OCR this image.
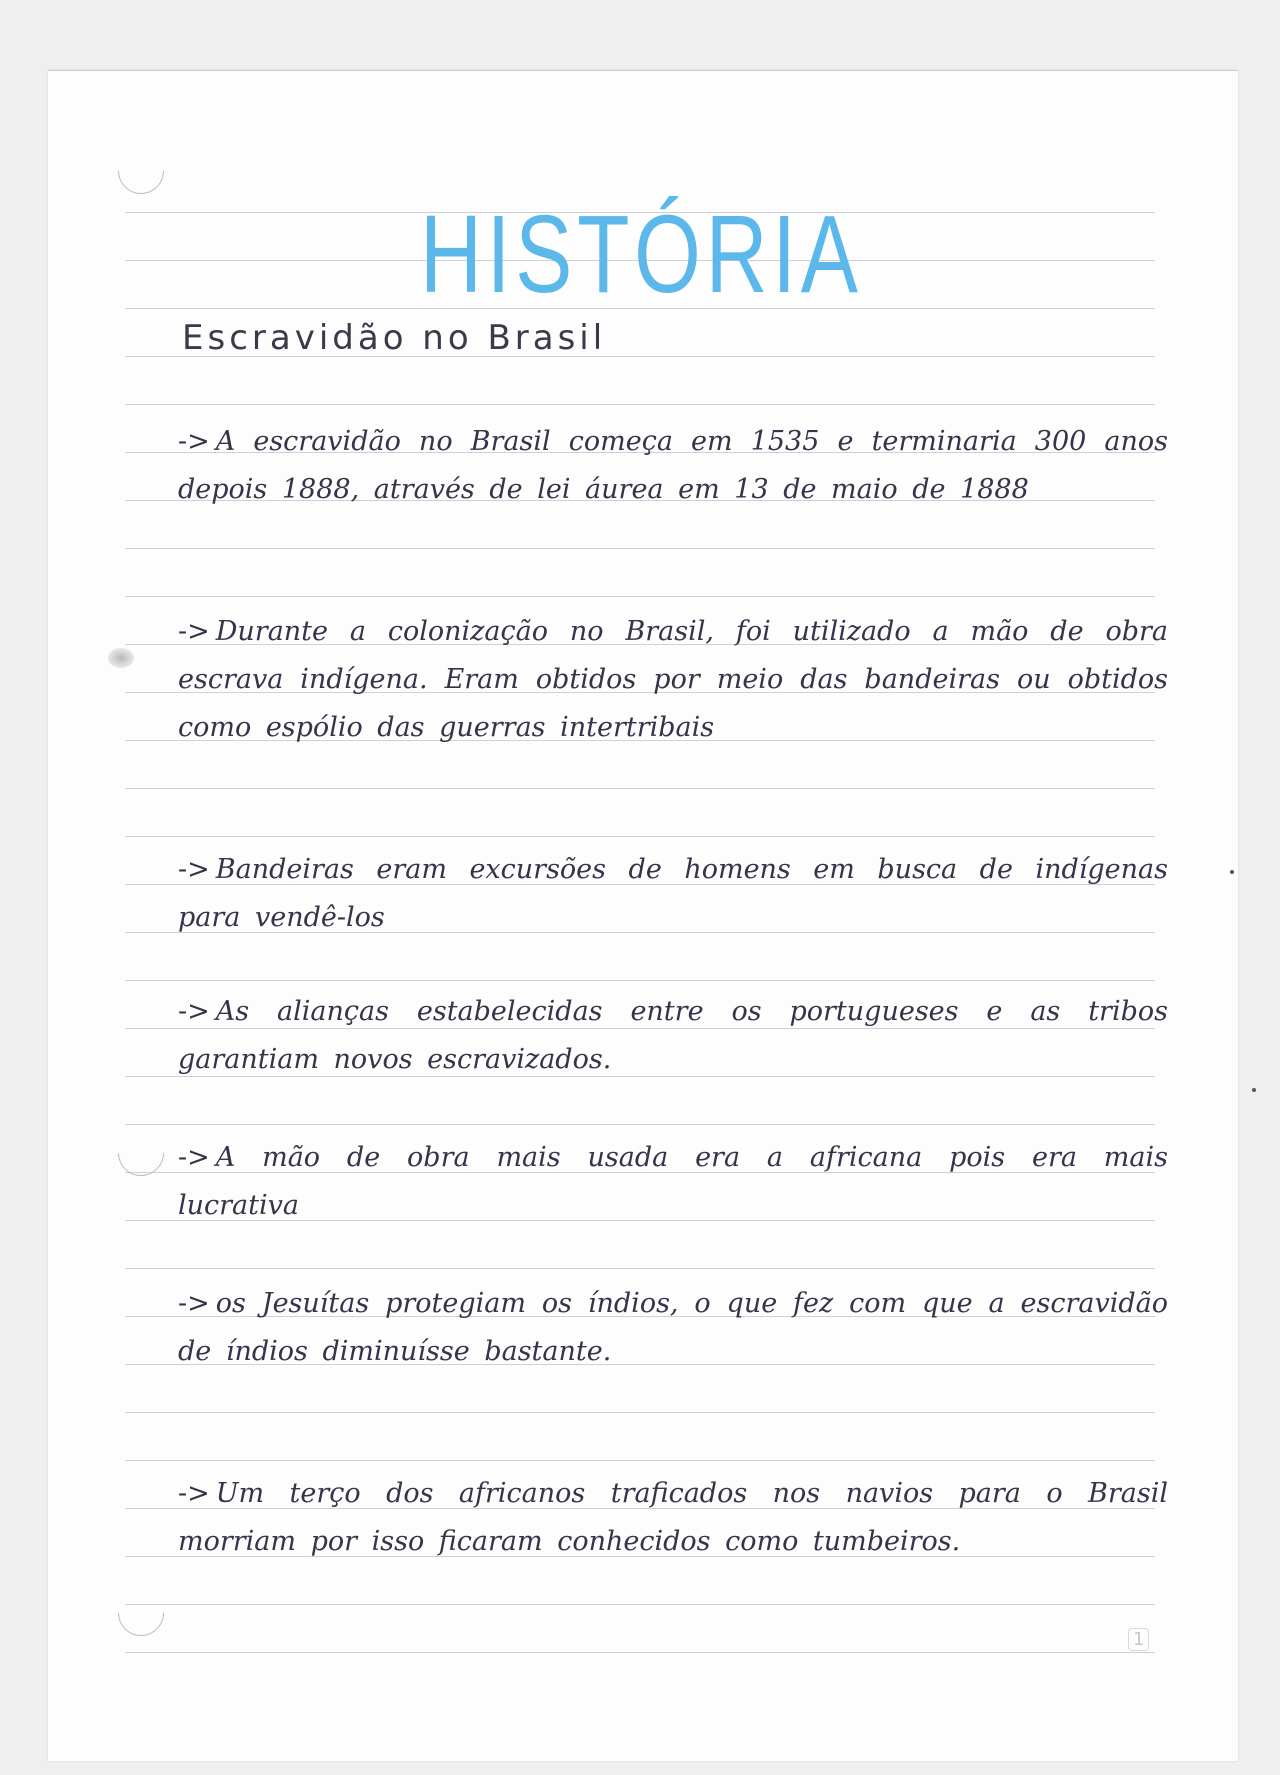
HISTÓRIA
Escravidão no Brasil
-> A escravidão no Brasil começa em 1535 e terminaria 300 anos depois 1888, através de lei áurea em 13 de maio de 1888
-> Durante a colonização no Brasil, foi utilizado a mão de obra escrava indígena. Eram obtidos por meio das bandeiras ou obtidos como espólio das guerras intertribais
-> Bandeiras eram excursões de homens em busca de indígenas para vendê-los
-> As alianças estabelecidas entre os portugueses e as tribos garantiam novos escravizados.
-> A mão de obra mais usada era a africana pois era mais lucrativa
-> os Jesuítas protegiam os índios, o que fez com que a escravidão de índios diminuísse bastante.
-> Um terço dos africanos traficados nos navios para o Brasil morriam por isso ficaram conhecidos como tumbeiros.
1
